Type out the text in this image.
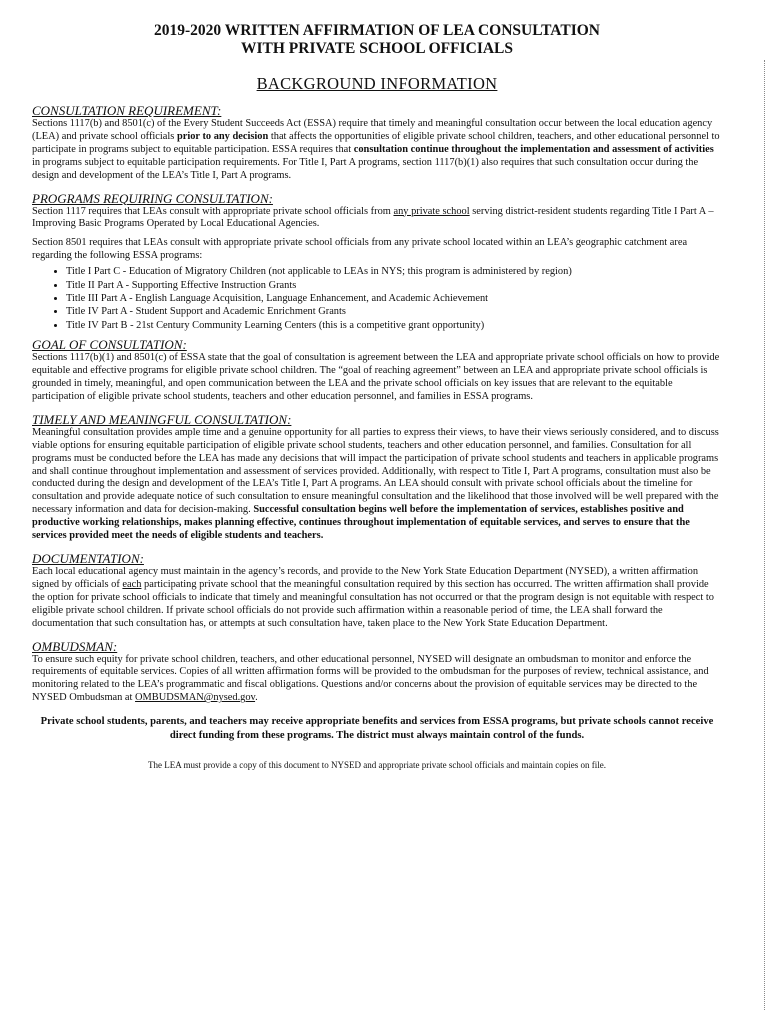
2019-2020 WRITTEN AFFIRMATION OF LEA CONSULTATION

WITH PRIVATE SCHOOL OFFICIALS

BACKGROUND INFORMATION
CONSULTATION REQUIREMENT:

Sections 1117(b) and 8501(c) of the Every Student Succeeds Act (ESSA) require that timely and meaningful consultation occur between the local education agency (LEA) and private school officials prior to any decision that affects the opportunities of eligible private school children, teachers, and other educational personnel to participate in programs subject to equitable participation. ESSA requires that consultation continue throughout the implementation and assessment of activities in programs subject to equitable participation requirements. For Title I, Part A programs, section 1117(b)(1) also requires that such consultation occur during the design and development of the LEA’s Title I, Part A programs.

PROGRAMS REQUIRING CONSULTATION:

Section 1117 requires that LEAs consult with appropriate private school officials from any private school serving district-resident students regarding Title I Part A – Improving Basic Programs Operated by Local Educational Agencies.

Section 8501 requires that LEAs consult with appropriate private school officials from any private school located within an LEA’s geographic catchment area regarding the following ESSA programs:

• Title I Part C - Education of Migratory Children (not applicable to LEAs in NYS; this program is administered by region)
• Title II Part A - Supporting Effective Instruction Grants
• Title III Part A - English Language Acquisition, Language Enhancement, and Academic Achievement
• Title IV Part A - Student Support and Academic Enrichment Grants
• Title IV Part B - 21st Century Community Learning Centers (this is a competitive grant opportunity)
GOAL OF CONSULTATION:

Sections 1117(b)(1) and 8501(c) of ESSA state that the goal of consultation is agreement between the LEA and appropriate private school officials on how to provide equitable and effective programs for eligible private school children. The “goal of reaching agreement” between an LEA and appropriate private school officials is grounded in timely, meaningful, and open communication between the LEA and the private school officials on key issues that are relevant to the equitable participation of eligible private school students, teachers and other education personnel, and families in ESSA programs.

TIMELY AND MEANINGFUL CONSULTATION:

Meaningful consultation provides ample time and a genuine opportunity for all parties to express their views, to have their views seriously considered, and to discuss viable options for ensuring equitable participation of eligible private school students, teachers and other education personnel, and families. Consultation for all programs must be conducted before the LEA has made any decisions that will impact the participation of private school students and teachers in applicable programs and shall continue throughout implementation and assessment of services provided. Additionally, with respect to Title I, Part A programs, consultation must also be conducted during the design and development of the LEA’s Title I, Part A programs. An LEA should consult with private school officials about the timeline for consultation and provide adequate notice of such consultation to ensure meaningful consultation and the likelihood that those involved will be well prepared with the necessary information and data for decision-making. Successful consultation begins well before the implementation of services, establishes positive and productive working relationships, makes planning effective, continues throughout implementation of equitable services, and serves to ensure that the services provided meet the needs of eligible students and teachers.

DOCUMENTATION:

Each local educational agency must maintain in the agency’s records, and provide to the New York State Education Department (NYSED), a written affirmation signed by officials of each participating private school that the meaningful consultation required by this section has occurred. The written affirmation shall provide the option for private school officials to indicate that timely and meaningful consultation has not occurred or that the program design is not equitable with respect to eligible private school children. If private school officials do not provide such affirmation within a reasonable period of time, the LEA shall forward the documentation that such consultation has, or attempts at such consultation have, taken place to the New York State Education Department.

OMBUDSMAN:

To ensure such equity for private school children, teachers, and other educational personnel, NYSED will designate an ombudsman to monitor and enforce the requirements of equitable services. Copies of all written affirmation forms will be provided to the ombudsman for the purposes of review, technical assistance, and monitoring related to the LEA’s programmatic and fiscal obligations. Questions and/or concerns about the provision of equitable services may be directed to the NYSED Ombudsman at OMBUDSMAN@nysed.gov.

Private school students, parents, and teachers may receive appropriate benefits and services from ESSA programs, but private schools cannot receive direct funding from these programs. The district must always maintain control of the funds.
The LEA must provide a copy of this document to NYSED and appropriate private school officials and maintain copies on file.
